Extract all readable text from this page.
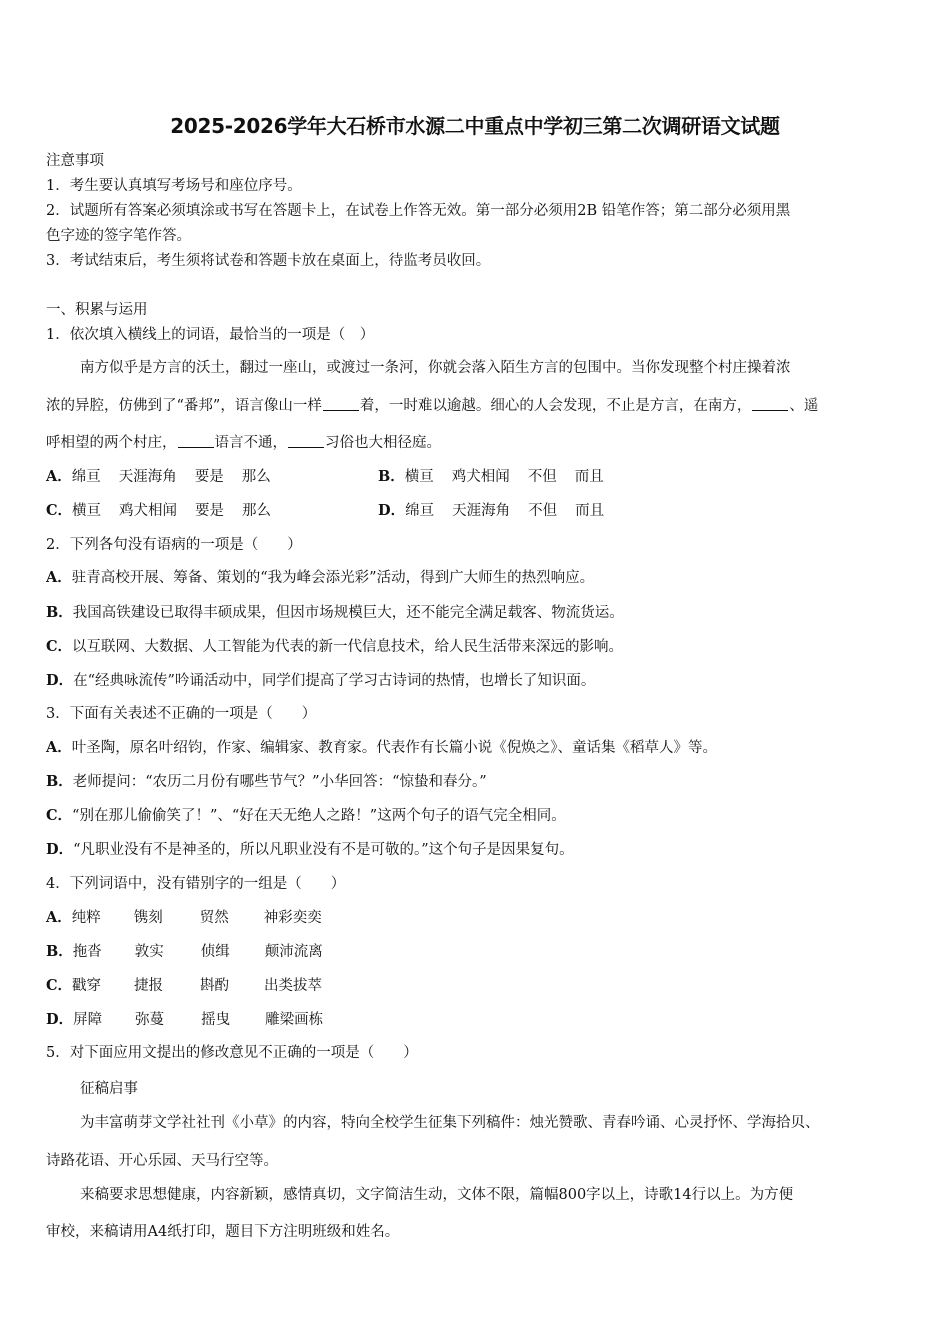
2025-2026学年大石桥市水源二中重点中学初三第二次调研语文试题
注意事项
1．考生要认真填写考场号和座位序号。
2．试题所有答案必须填涂或书写在答题卡上，在试卷上作答无效。第一部分必须用2B 铅笔作答；第二部分必须用黑
色字迹的签字笔作答。
3．考试结束后，考生须将试卷和答题卡放在桌面上，待监考员收回。
一、积累与运用
1．依次填入横线上的词语，最恰当的一项是（　）
南方似乎是方言的沃土，翻过一座山，或渡过一条河，你就会落入陌生方言的包围中。当你发现整个村庄操着浓
浓的异腔，仿佛到了“番邦”，语言像山一样	着，一时难以逾越。细心的人会发现，不止是方言，在南方，	、遥
呼相望的两个村庄，	语言不通，	习俗也大相径庭。
A．绵亘 天涯海角 要是 那么	B．横亘 鸡犬相闻 不但 而且
C．横亘 鸡犬相闻 要是 那么	D．绵亘 天涯海角 不但 而且
2．下列各句没有语病的一项是（　　）
A．驻青高校开展、筹备、策划的“我为峰会添光彩”活动，得到广大师生的热烈响应。
B．我国高铁建设已取得丰硕成果，但因市场规模巨大，还不能完全满足载客、物流货运。
C．以互联网、大数据、人工智能为代表的新一代信息技术，给人民生活带来深远的影响。
D．在“经典咏流传”吟诵活动中，同学们提高了学习古诗词的热情，也增长了知识面。
3．下面有关表述不正确的一项是（　　）
A．叶圣陶，原名叶绍钧，作家、编辑家、教育家。代表作有长篇小说《倪焕之》、童话集《稻草人》等。
B．老师提问：“农历二月份有哪些节气？”小华回答：“惊蛰和春分。”
C．“别在那儿偷偷笑了！”、“好在天无绝人之路！”这两个句子的语气完全相同。
D．“凡职业没有不是神圣的，所以凡职业没有不是可敬的。”这个句子是因果复句。
4．下列词语中，没有错别字的一组是（　　）
A．纯粹 镌刻	贸然 神彩奕奕
B．拖沓 敦实	侦缉 颠沛流离
C．戳穿 捷报	斟酌 出类拔萃
D．屏障 弥蔓	摇曳 雕梁画栋
5．对下面应用文提出的修改意见不正确的一项是（　　）
征稿启事
为丰富萌芽文学社社刊《小草》的内容，特向全校学生征集下列稿件：烛光赞歌、青春吟诵、心灵抒怀、学海拾贝、
诗路花语、开心乐园、天马行空等。
来稿要求思想健康，内容新颖，感情真切，文字简洁生动，文体不限，篇幅800字以上，诗歌14行以上。为方便
审校，来稿请用A4纸打印，题目下方注明班级和姓名。
